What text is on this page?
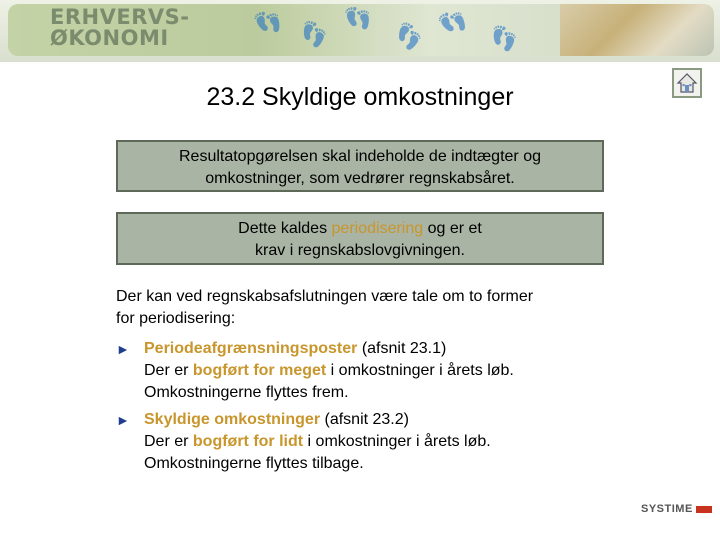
👣 👣
👣
👣 👣 👣
ERHVERVS-
ØKONOMI
23.2 Skyldige omkostninger
Resultatopgørelsen skal indeholde de indtægter og
omkostninger, som vedrører regnskabsåret.
Dette kaldes periodisering og er et
krav i regnskabslovgivningen.
Der kan ved regnskabsafslutningen være tale om to former
for periodisering:
► Periodeafgrænsningsposter (afsnit 23.1)
Der er bogført for meget i omkostninger i årets løb.
Omkostningerne flyttes frem.
► Skyldige omkostninger (afsnit 23.2)
Der er bogført for lidt i omkostninger i årets løb.
Omkostningerne flyttes tilbage.
SYSTIME
